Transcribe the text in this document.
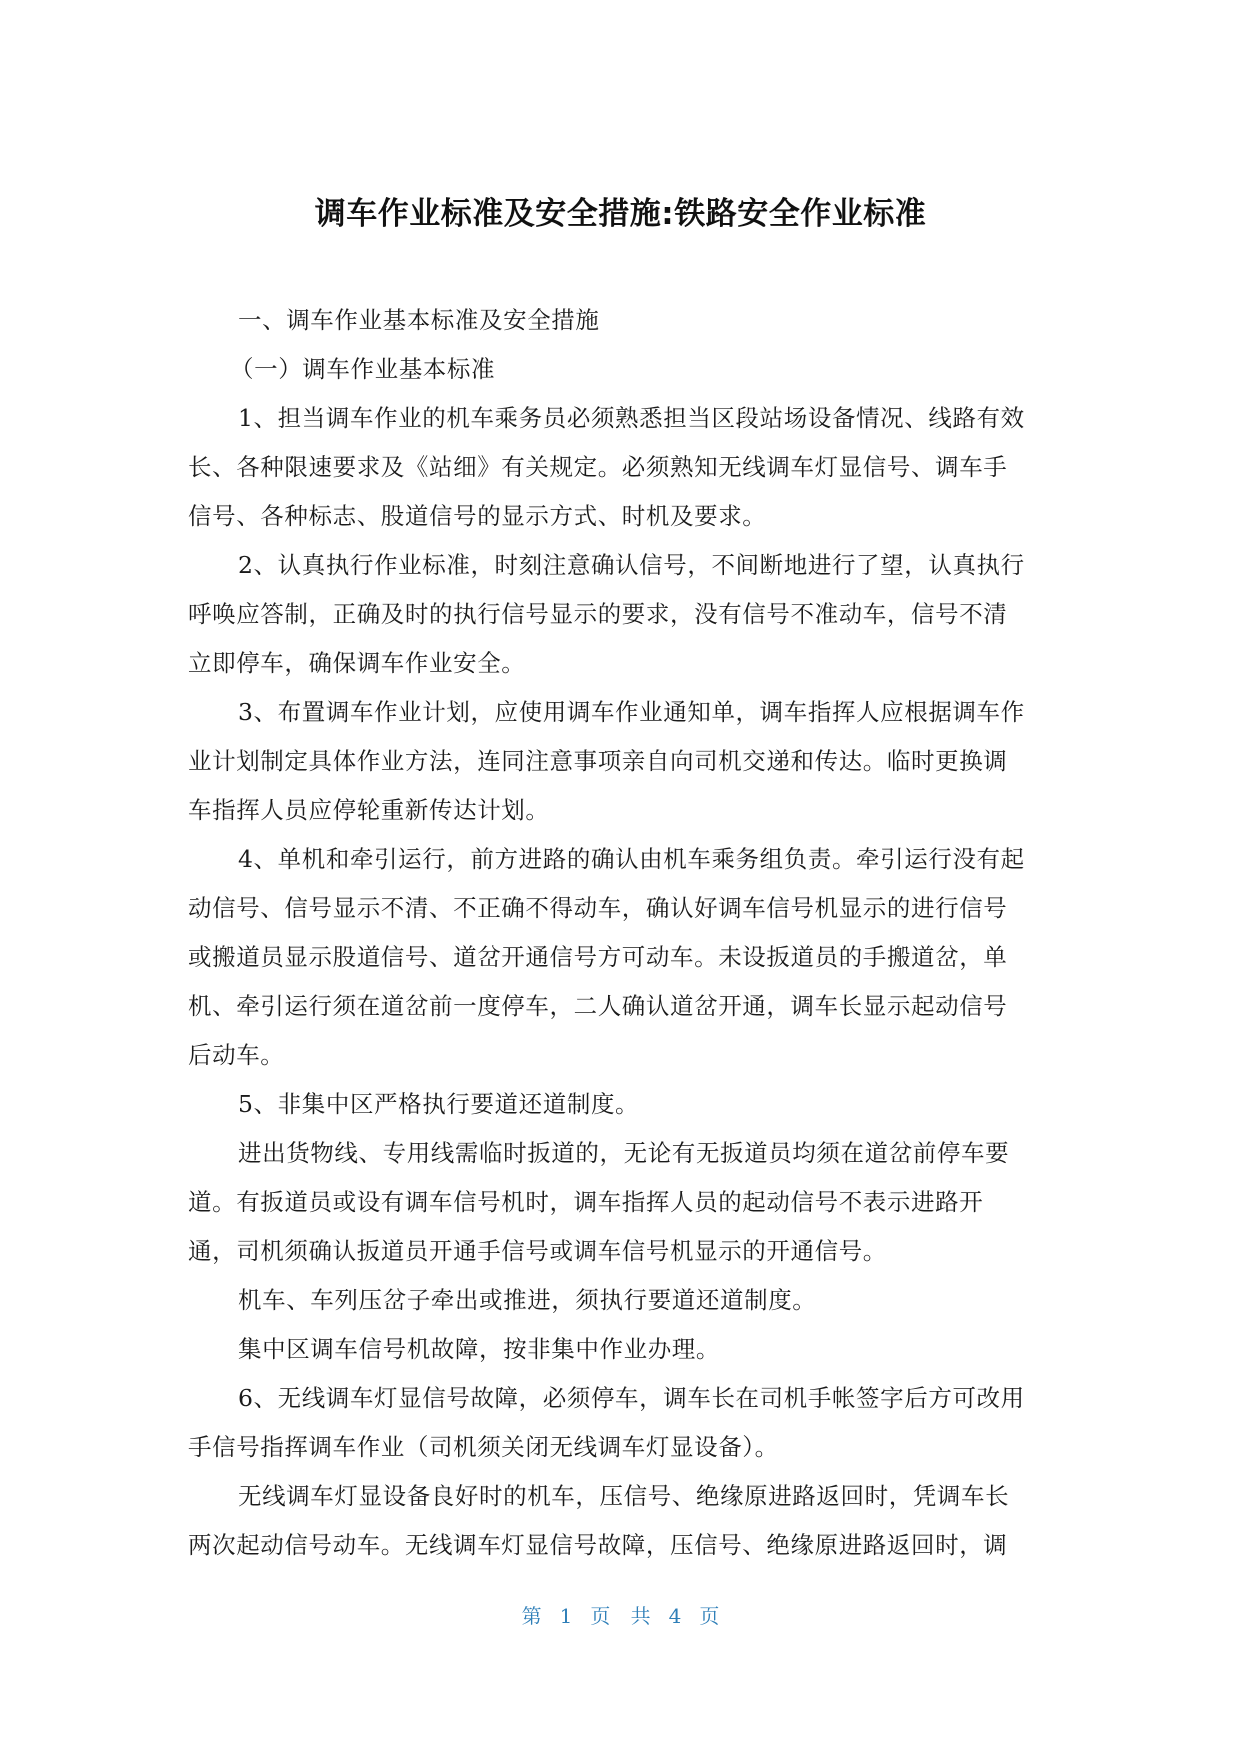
调车作业标准及安全措施:铁路安全作业标准
一、调车作业基本标准及安全措施
（一）调车作业基本标准
1、担当调车作业的机车乘务员必须熟悉担当区段站场设备情况、线路有效
长、各种限速要求及《站细》有关规定。必须熟知无线调车灯显信号、调车手
信号、各种标志、股道信号的显示方式、时机及要求。
2、认真执行作业标准，时刻注意确认信号，不间断地进行了望，认真执行
呼唤应答制，正确及时的执行信号显示的要求，没有信号不准动车，信号不清
立即停车，确保调车作业安全。
3、布置调车作业计划，应使用调车作业通知单，调车指挥人应根据调车作
业计划制定具体作业方法，连同注意事项亲自向司机交递和传达。临时更换调
车指挥人员应停轮重新传达计划。
4、单机和牵引运行，前方进路的确认由机车乘务组负责。牵引运行没有起
动信号、信号显示不清、不正确不得动车，确认好调车信号机显示的进行信号
或搬道员显示股道信号、道岔开通信号方可动车。未设扳道员的手搬道岔，单
机、牵引运行须在道岔前一度停车，二人确认道岔开通，调车长显示起动信号
后动车。
5、非集中区严格执行要道还道制度。
进出货物线、专用线需临时扳道的，无论有无扳道员均须在道岔前停车要
道。有扳道员或设有调车信号机时，调车指挥人员的起动信号不表示进路开
通，司机须确认扳道员开通手信号或调车信号机显示的开通信号。
机车、车列压岔子牵出或推进，须执行要道还道制度。
集中区调车信号机故障，按非集中作业办理。
6、无线调车灯显信号故障，必须停车，调车长在司机手帐签字后方可改用
手信号指挥调车作业（司机须关闭无线调车灯显设备）。
无线调车灯显设备良好时的机车，压信号、绝缘原进路返回时，凭调车长
两次起动信号动车。无线调车灯显信号故障，压信号、绝缘原进路返回时，调
第 1 页 共 4 页
